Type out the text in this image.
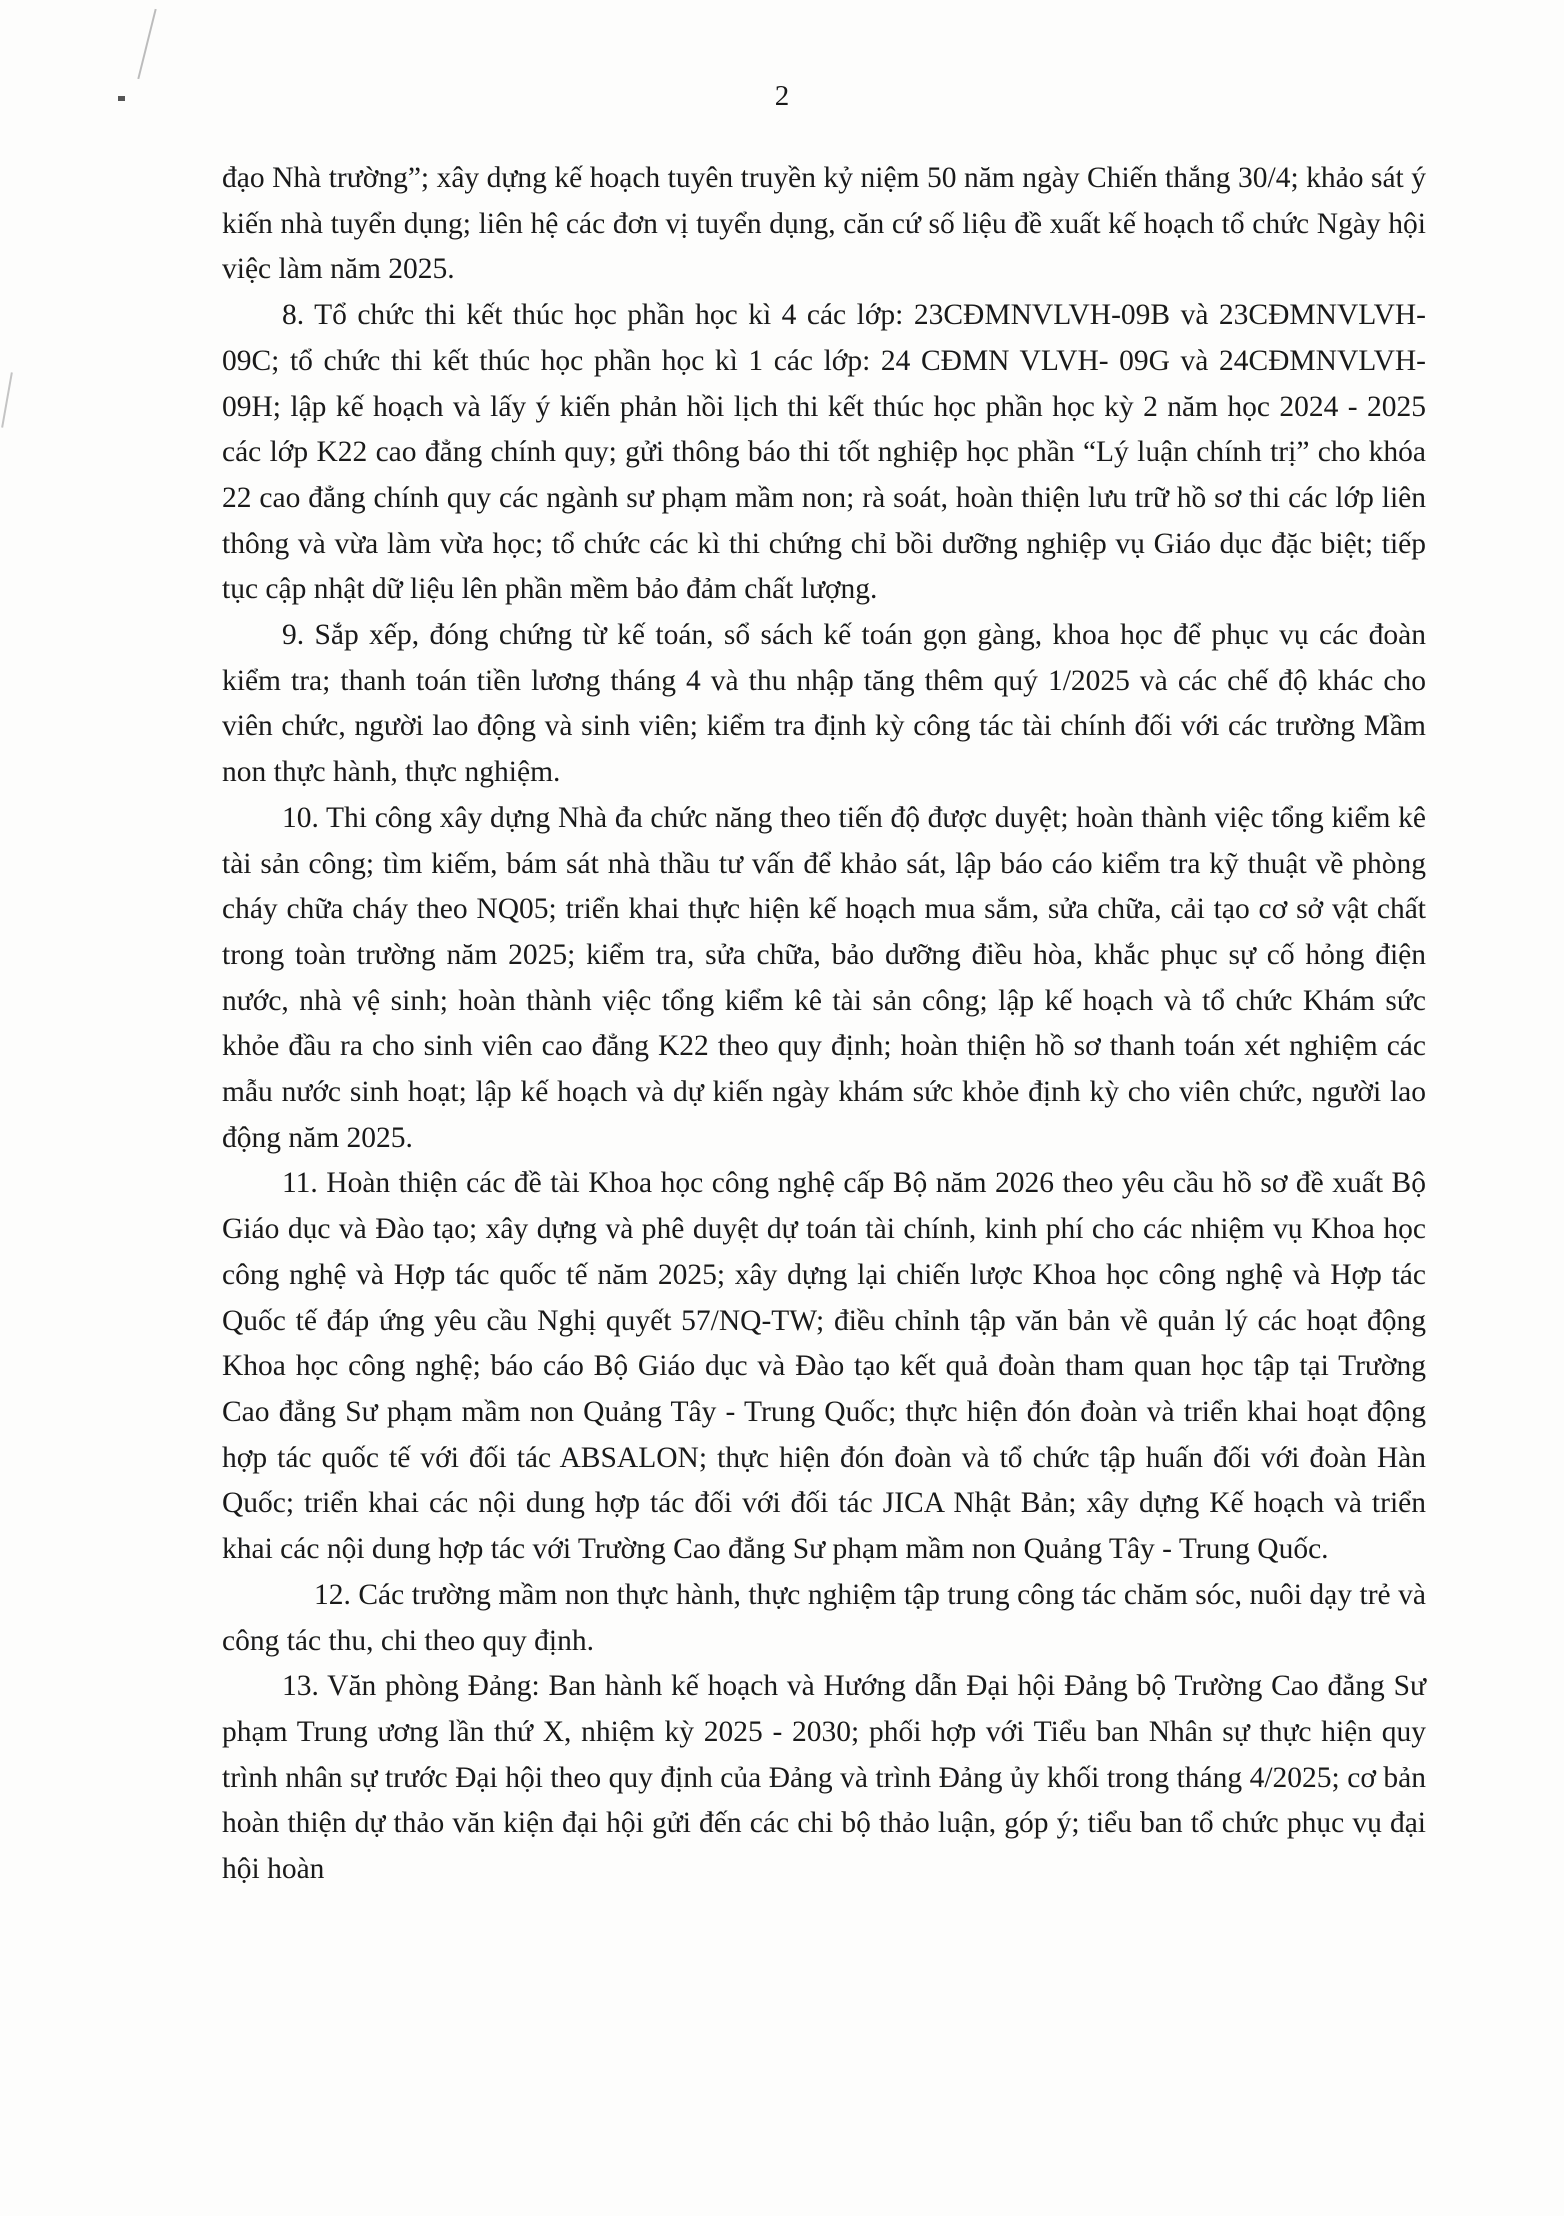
2

đạo Nhà trường”; xây dựng kế hoạch tuyên truyền kỷ niệm 50 năm ngày Chiến thắng 30/4; khảo sát ý kiến nhà tuyển dụng; liên hệ các đơn vị tuyển dụng, căn cứ số liệu đề xuất kế hoạch tổ chức Ngày hội việc làm năm 2025.

8. Tổ chức thi kết thúc học phần học kì 4 các lớp: 23CĐMNVLVH-09B và 23CĐMNVLVH-09C; tổ chức thi kết thúc học phần học kì 1 các lớp: 24 CĐMN VLVH- 09G và 24CĐMNVLVH-09H; lập kế hoạch và lấy ý kiến phản hồi lịch thi kết thúc học phần học kỳ 2 năm học 2024 - 2025 các lớp K22 cao đẳng chính quy; gửi thông báo thi tốt nghiệp học phần “Lý luận chính trị” cho khóa 22 cao đẳng chính quy các ngành sư phạm mầm non; rà soát, hoàn thiện lưu trữ hồ sơ thi các lớp liên thông và vừa làm vừa học; tổ chức các kì thi chứng chỉ bồi dưỡng nghiệp vụ Giáo dục đặc biệt; tiếp tục cập nhật dữ liệu lên phần mềm bảo đảm chất lượng.

9. Sắp xếp, đóng chứng từ kế toán, sổ sách kế toán gọn gàng, khoa học để phục vụ các đoàn kiểm tra; thanh toán tiền lương tháng 4 và thu nhập tăng thêm quý 1/2025 và các chế độ khác cho viên chức, người lao động và sinh viên; kiểm tra định kỳ công tác tài chính đối với các trường Mầm non thực hành, thực nghiệm.

10. Thi công xây dựng Nhà đa chức năng theo tiến độ được duyệt; hoàn thành việc tổng kiểm kê tài sản công; tìm kiếm, bám sát nhà thầu tư vấn để khảo sát, lập báo cáo kiểm tra kỹ thuật về phòng cháy chữa cháy theo NQ05; triển khai thực hiện kế hoạch mua sắm, sửa chữa, cải tạo cơ sở vật chất trong toàn trường năm 2025; kiểm tra, sửa chữa, bảo dưỡng điều hòa, khắc phục sự cố hỏng điện nước, nhà vệ sinh; hoàn thành việc tổng kiểm kê tài sản công; lập kế hoạch và tổ chức Khám sức khỏe đầu ra cho sinh viên cao đẳng K22 theo quy định; hoàn thiện hồ sơ thanh toán xét nghiệm các mẫu nước sinh hoạt; lập kế hoạch và dự kiến ngày khám sức khỏe định kỳ cho viên chức, người lao động năm 2025.

11. Hoàn thiện các đề tài Khoa học công nghệ cấp Bộ năm 2026 theo yêu cầu hồ sơ đề xuất Bộ Giáo dục và Đào tạo; xây dựng và phê duyệt dự toán tài chính, kinh phí cho các nhiệm vụ Khoa học công nghệ và Hợp tác quốc tế năm 2025; xây dựng lại chiến lược Khoa học công nghệ và Hợp tác Quốc tế đáp ứng yêu cầu Nghị quyết 57/NQ-TW; điều chỉnh tập văn bản về quản lý các hoạt động Khoa học công nghệ; báo cáo Bộ Giáo dục và Đào tạo kết quả đoàn tham quan học tập tại Trường Cao đẳng Sư phạm mầm non Quảng Tây - Trung Quốc; thực hiện đón đoàn và triển khai hoạt động hợp tác quốc tế với đối tác ABSALON; thực hiện đón đoàn và tổ chức tập huấn đối với đoàn Hàn Quốc; triển khai các nội dung hợp tác đối với đối tác JICA Nhật Bản; xây dựng Kế hoạch và triển khai các nội dung hợp tác với Trường Cao đẳng Sư phạm mầm non Quảng Tây - Trung Quốc.

12. Các trường mầm non thực hành, thực nghiệm tập trung công tác chăm sóc, nuôi dạy trẻ và công tác thu, chi theo quy định.

13. Văn phòng Đảng: Ban hành kế hoạch và Hướng dẫn Đại hội Đảng bộ Trường Cao đẳng Sư phạm Trung ương lần thứ X, nhiệm kỳ 2025 - 2030; phối hợp với Tiểu ban Nhân sự thực hiện quy trình nhân sự trước Đại hội theo quy định của Đảng và trình Đảng ủy khối trong tháng 4/2025; cơ bản hoàn thiện dự thảo văn kiện đại hội gửi đến các chi bộ thảo luận, góp ý; tiểu ban tổ chức phục vụ đại hội hoàn
